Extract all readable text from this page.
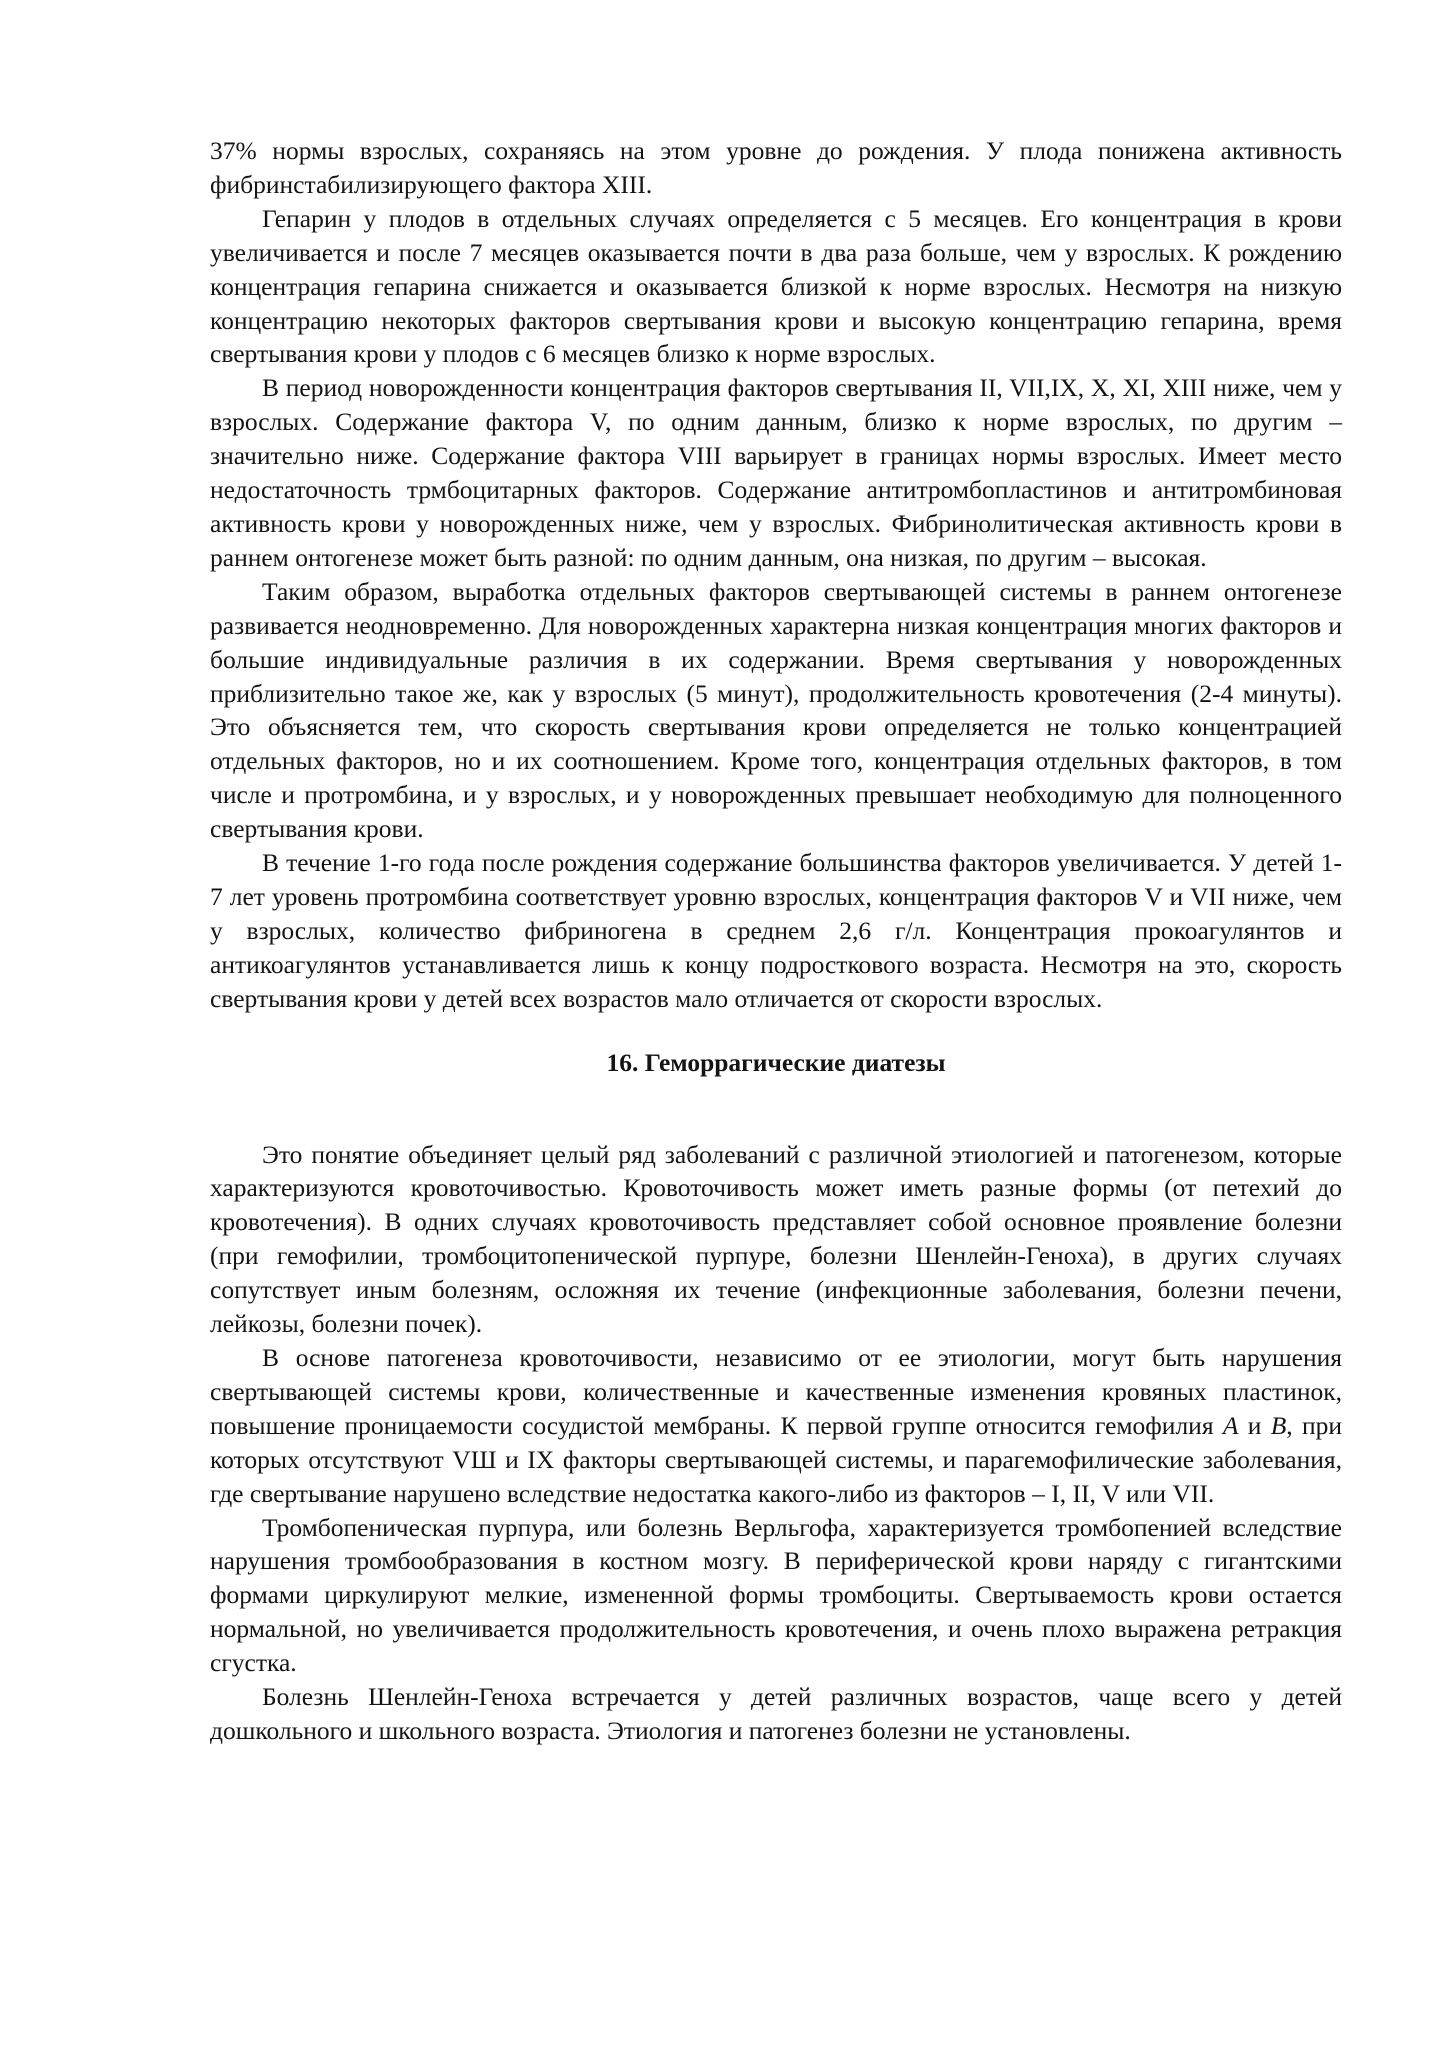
37% нормы взрослых, сохраняясь на этом уровне до рождения. У плода понижена активность фибринстабилизирующего фактора XIII.

Гепарин у плодов в отдельных случаях определяется с 5 месяцев. Его концентрация в крови увеличивается и после 7 месяцев оказывается почти в два раза больше, чем у взрослых. К рождению концентрация гепарина снижается и оказывается близкой к норме взрослых. Несмотря на низкую концентрацию некоторых факторов свертывания крови и высокую концентрацию гепарина, время свертывания крови у плодов с 6 месяцев близко к норме взрослых.

В период новорожденности концентрация факторов свертывания II, VII,IX, X, XI, XIII ниже, чем у взрослых. Содержание фактора V, по одним данным, близко к норме взрослых, по другим – значительно ниже. Содержание фактора VIII варьирует в границах нормы взрослых. Имеет место недостаточность трмбоцитарных факторов. Содержание антитромбопластинов и антитромбиновая активность крови у новорожденных ниже, чем у взрослых. Фибринолитическая активность крови в раннем онтогенезе может быть разной: по одним данным, она низкая, по другим – высокая.

Таким образом, выработка отдельных факторов свертывающей системы в раннем онтогенезе развивается неодновременно. Для новорожденных характерна низкая концентрация многих факторов и большие индивидуальные различия в их содержании. Время свертывания у новорожденных приблизительно такое же, как у взрослых (5 минут), продолжительность кровотечения (2-4 минуты). Это объясняется тем, что скорость свертывания крови определяется не только концентрацией отдельных факторов, но и их соотношением. Кроме того, концентрация отдельных факторов, в том числе и протромбина, и у взрослых, и у новорожденных превышает необходимую для полноценного свертывания крови.

В течение 1-го года после рождения содержание большинства факторов увеличивается. У детей 1-7 лет уровень протромбина соответствует уровню взрослых, концентрация факторов V и VII ниже, чем у взрослых, количество фибриногена в среднем 2,6 г/л. Концентрация прокоагулянтов и антикоагулянтов устанавливается лишь к концу подросткового возраста. Несмотря на это, скорость свертывания крови у детей всех возрастов мало отличается от скорости взрослых.

16. Геморрагические диатезы

Это понятие объединяет целый ряд заболеваний с различной этиологией и патогенезом, которые характеризуются кровоточивостью. Кровоточивость может иметь разные формы (от петехий до кровотечения). В одних случаях кровоточивость представляет собой основное проявление болезни (при гемофилии, тромбоцитопенической пурпуре, болезни Шенлейн-Геноха), в других случаях сопутствует иным болезням, осложняя их течение (инфекционные заболевания, болезни печени, лейкозы, болезни почек).

В основе патогенеза кровоточивости, независимо от ее этиологии, могут быть нарушения свертывающей системы крови, количественные и качественные изменения кровяных пластинок, повышение проницаемости сосудистой мембраны. К первой группе относится гемофилия А и В, при которых отсутствуют VШ и IX факторы свертывающей системы, и парагемофилические заболевания, где свертывание нарушено вследствие недостатка какого-либо из факторов – I, II, V или VII.

Тромбопеническая пурпура, или болезнь Верльгофа, характеризуется тромбопенией вследствие нарушения тромбообразования в костном мозгу. В периферической крови наряду с гигантскими формами циркулируют мелкие, измененной формы тромбоциты. Свертываемость крови остается нормальной, но увеличивается продолжительность кровотечения, и очень плохо выражена ретракция сгустка.

Болезнь Шенлейн-Геноха встречается у детей различных возрастов, чаще всего у детей дошкольного и школьного возраста. Этиология и патогенез болезни не установлены.
